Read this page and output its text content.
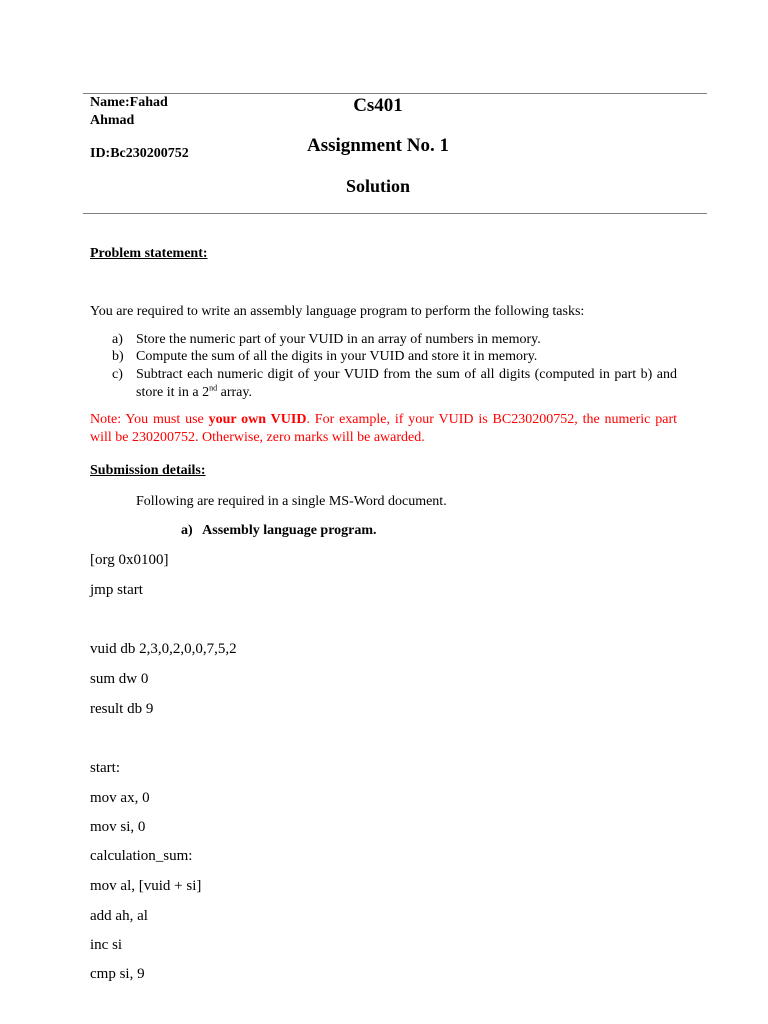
Name:Fahad
Ahmad
ID:Bc230200752
Cs401
Assignment No. 1
Solution
Problem statement:
You are required to write an assembly language program to perform the following tasks:
a) Store the numeric part of your VUID in an array of numbers in memory.
b) Compute the sum of all the digits in your VUID and store it in memory.
c) Subtract each numeric digit of your VUID from the sum of all digits (computed in part b) and store it in a 2nd array.
Note: You must use your own VUID. For example, if your VUID is BC230200752, the numeric part will be 230200752. Otherwise, zero marks will be awarded.
Submission details:
Following are required in a single MS-Word document.
a) Assembly language program.
[org 0x0100]
jmp start
vuid db 2,3,0,2,0,0,7,5,2
sum dw 0
result db 9
start:
mov ax, 0
mov si, 0
calculation_sum:
mov al, [vuid + si]
add ah, al
inc si
cmp si, 9
